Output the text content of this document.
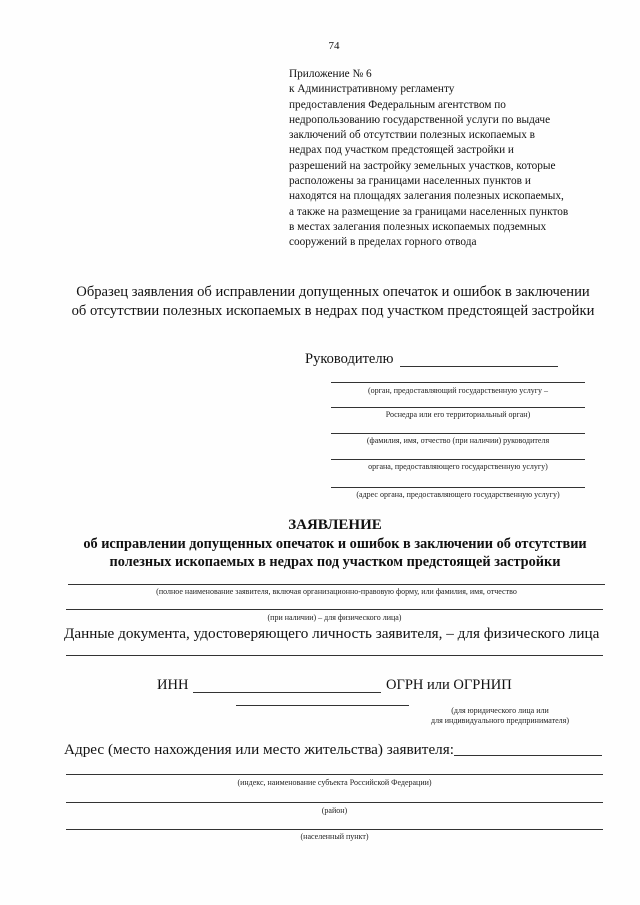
74
Приложение № 6
к Административному регламенту
предоставления Федеральным агентством по
недропользованию государственной услуги по выдаче
заключений об отсутствии полезных ископаемых в
недрах под участком предстоящей застройки и
разрешений на застройку земельных участков, которые
расположены за границами населенных пунктов и
находятся на площадях залегания полезных ископаемых,
а также на размещение за границами населенных пунктов
в местах залегания полезных ископаемых подземных
сооружений в пределах горного отвода
Образец заявления об исправлении допущенных опечаток и ошибок в заключении
об отсутствии полезных ископаемых в недрах под участком предстоящей застройки
Руководителю
(орган, предоставляющий государственную услугу –
Роснедра или его территориальный орган)
(фамилия, имя, отчество (при наличии) руководителя
органа, предоставляющего государственную услугу)
(адрес органа, предоставляющего государственную услугу)
ЗАЯВЛЕНИЕ
об исправлении допущенных опечаток и ошибок в заключении об отсутствии
полезных ископаемых в недрах под участком предстоящей застройки
(полное наименование заявителя, включая организационно-правовую форму, или фамилия, имя, отчество
(при наличии) – для физического лица)
Данные документа, удостоверяющего личность заявителя, – для физического лица
ИНН	ОГРН или ОГРНИП
(для юридического лица или
для индивидуального предпринимателя)
Адрес (место нахождения или место жительства) заявителя:
(индекс, наименование субъекта Российской Федерации)
(район)
(населенный пункт)
